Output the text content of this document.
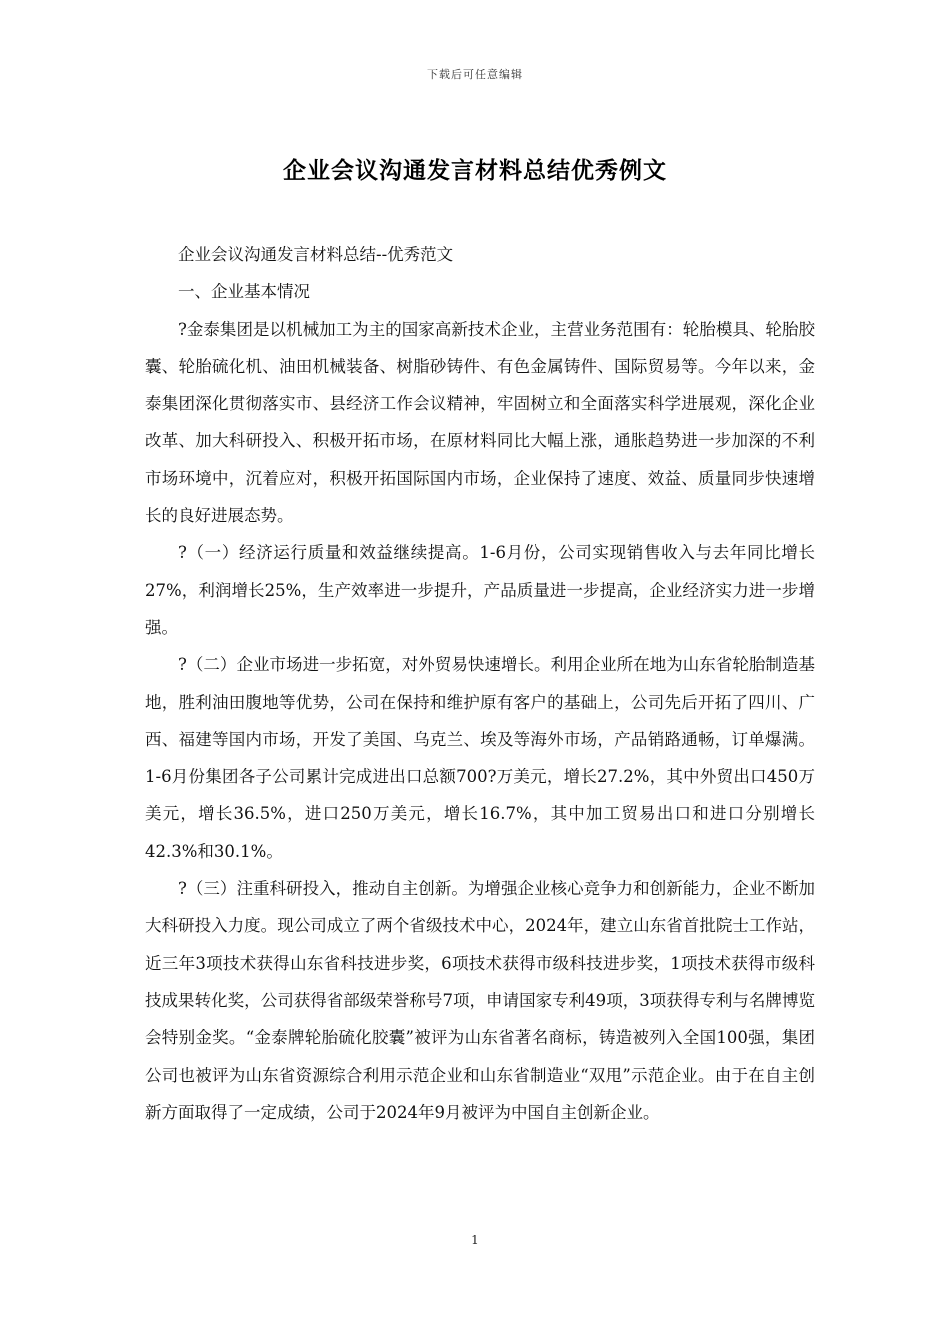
下载后可任意编辑
企业会议沟通发言材料总结优秀例文

企业会议沟通发言材料总结--优秀范文

一、企业基本情况

?金泰集团是以机械加工为主的国家高新技术企业，主营业务范围有：轮胎模具、轮胎胶囊、轮胎硫化机、油田机械装备、树脂砂铸件、有色金属铸件、国际贸易等。今年以来，金泰集团深化贯彻落实市、县经济工作会议精神，牢固树立和全面落实科学进展观，深化企业改革、加大科研投入、积极开拓市场，在原材料同比大幅上涨，通胀趋势进一步加深的不利市场环境中，沉着应对，积极开拓国际国内市场，企业保持了速度、效益、质量同步快速增长的良好进展态势。

?（一）经济运行质量和效益继续提高。1-6月份，公司实现销售收入与去年同比增长27%，利润增长25%，生产效率进一步提升，产品质量进一步提高，企业经济实力进一步增强。

?（二）企业市场进一步拓宽，对外贸易快速增长。利用企业所在地为山东省轮胎制造基地，胜利油田腹地等优势，公司在保持和维护原有客户的基础上，公司先后开拓了四川、广西、福建等国内市场，开发了美国、乌克兰、埃及等海外市场，产品销路通畅，订单爆满。1-6月份集团各子公司累计完成进出口总额700?万美元，增长27.2%，其中外贸出口450万美元，增长36.5%，进口250万美元，增长16.7%，其中加工贸易出口和进口分别增长42.3%和30.1%。

?（三）注重科研投入，推动自主创新。为增强企业核心竞争力和创新能力，企业不断加大科研投入力度。现公司成立了两个省级技术中心，2024年，建立山东省首批院士工作站，近三年3项技术获得山东省科技进步奖，6项技术获得市级科技进步奖，1项技术获得市级科技成果转化奖，公司获得省部级荣誉称号7项，申请国家专利49项，3项获得专利与名牌博览会特别金奖。“金泰牌轮胎硫化胶囊”被评为山东省著名商标，铸造被列入全国100强，集团公司也被评为山东省资源综合利用示范企业和山东省制造业“双甩”示范企业。由于在自主创新方面取得了一定成绩，公司于2024年9月被评为中国自主创新企业。

1
